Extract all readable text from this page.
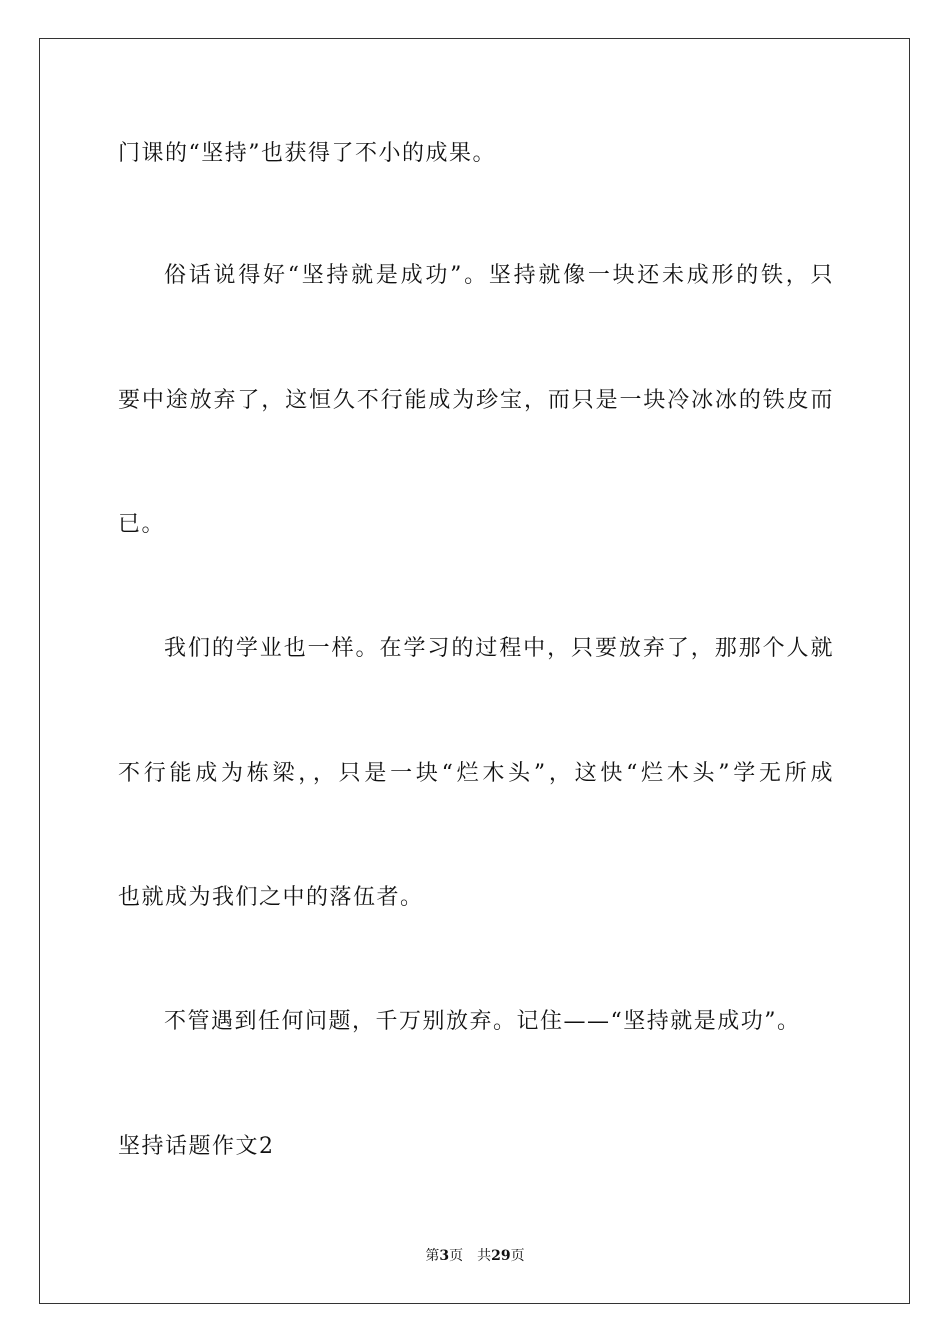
门课的“坚持”也获得了不小的成果。
俗话说得好“坚持就是成功”。坚持就像一块还未成形的铁，只
要中途放弃了，这恒久不行能成为珍宝，而只是一块冷冰冰的铁皮而
已。
我们的学业也一样。在学习的过程中，只要放弃了，那那个人就
不行能成为栋梁，，只是一块“烂木头”，这快“烂木头”学无所成
也就成为我们之中的落伍者。
不管遇到任何问题，千万别放弃。记住——“坚持就是成功”。
坚持话题作文2
第3页 共29页
